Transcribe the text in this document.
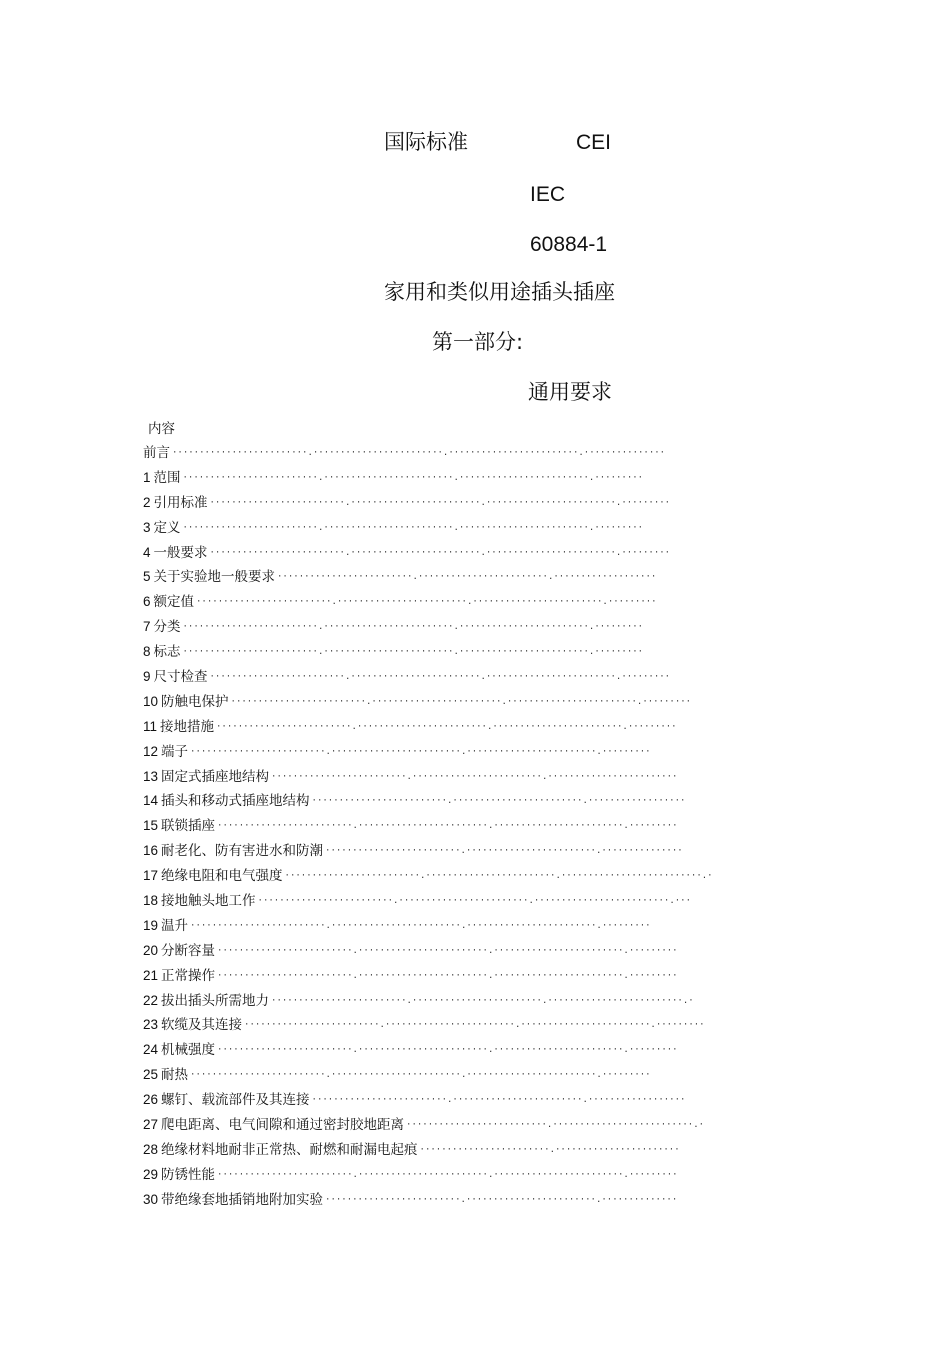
国际标准	CEI
IEC
60884-1
家用和类似用途插头插座
第一部分:
通用要求
内容
前言 ·························.························.························.···············
1 范围 ·························.························.························.·········
2 引用标准 ·························.························.························.·········
3 定义 ·························.························.························.·········
4 一般要求 ·························.························.························.·········
5 关于实验地一般要求 ·························.························.···················
6 额定值 ·························.························.························.·········
7 分类 ·························.························.························.·········
8 标志 ·························.························.························.·········
9 尺寸检查 ·························.························.························.·········
10 防触电保护 ·························.························.························.·········
11 接地措施 ·························.························.························.·········
12 端子 ·························.························.························.·········
13 固定式插座地结构 ·························.························.························
14 插头和移动式插座地结构 ·························.························.··················
15 联锁插座 ·························.························.························.·········
16 耐老化、防有害进水和防潮 ·························.························.···············
17 绝缘电阻和电气强度 ·························.························.··························.·
18 接地触头地工作 ·························.························.·························.···
19 温升 ·························.························.························.·········
20 分断容量 ·························.························.························.·········
21 正常操作 ·························.························.························.·········
22 拔出插头所需地力 ·························.························.·························.·
23 软缆及其连接 ·························.························.························.·········
24 机械强度 ·························.························.························.·········
25 耐热 ·························.························.························.·········
26 螺钉、载流部件及其连接 ·························.························.··················
27 爬电距离、电气间隙和通过密封胶地距离 ··························.··························.·
28 绝缘材料地耐非正常热、耐燃和耐漏电起痕 ························.·······················
29 防锈性能 ·························.························.························.·········
30 带绝缘套地插销地附加实验 ·························.························.··············
